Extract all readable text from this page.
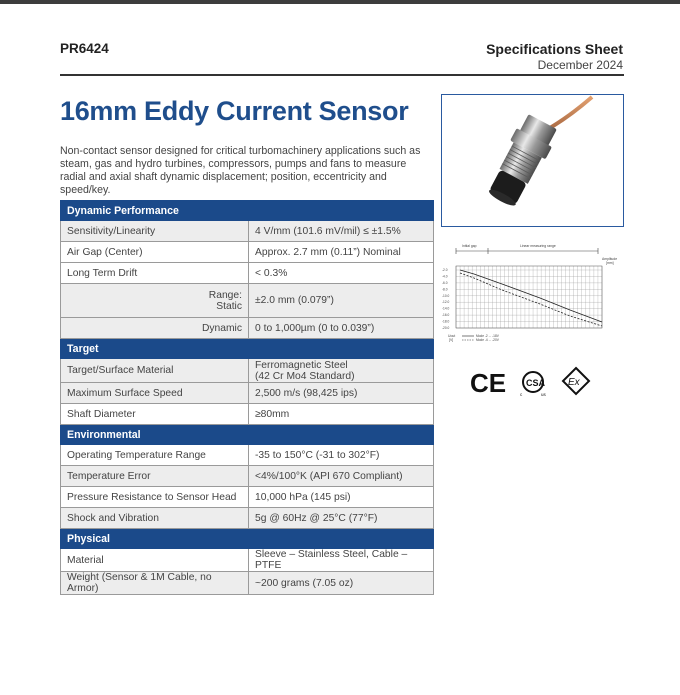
PR6424	Specifications Sheet
December 2024
16mm Eddy Current Sensor
Non-contact sensor designed for critical turbomachinery applications such as steam, gas and hydro turbines, compressors, pumps and fans to measure radial and axial shaft dynamic displacement; position, eccentricity and speed/key.
Dynamic Performance	
Sensitivity/Linearity	4 V/mm (101.6 mV/mil) ≤ ±1.5%
Air Gap (Center)	Approx. 2.7 mm (0.11”) Nominal
Long Term Drift	< 0.3%

Range:
Static	±2.0 mm (0.079”)
Dynamic	0 to 1,000µm (0 to 0.039”)
Target	
Target/Surface Material	Ferromagnetic Steel
(42 Cr Mo4 Standard)

Maximum Surface Speed	2,500 m/s (98,425 ips)
Shaft Diameter	≥80mm
Environmental	
Operating Temperature Range	-35 to 150°C (-31 to 302°F)
Temperature Error	<4%/100°K (API 670 Compliant)
Pressure Resistance to Sensor Head	10,000 hPa (145 psi)
Shock and Vibration	5g @ 60Hz @ 25°C (77°F)
Physical	
Material	Sleeve – Stainless Steel, Cable – PTFE
Weight (Sensor & 1M Cable, no Armor)	~200 grams (7.05 oz)
Initial gap	Linear measuring range
Amplitude
[mm]
-2.0
-4.0
-6.0
-8.0
-10.0
-12.0
-14.0
-16.0
-18.0
-20.0
Uout
[V]
Mode -2 ... -18V
Mode -4 ... -20V
CE CSA
c	us
Ex
